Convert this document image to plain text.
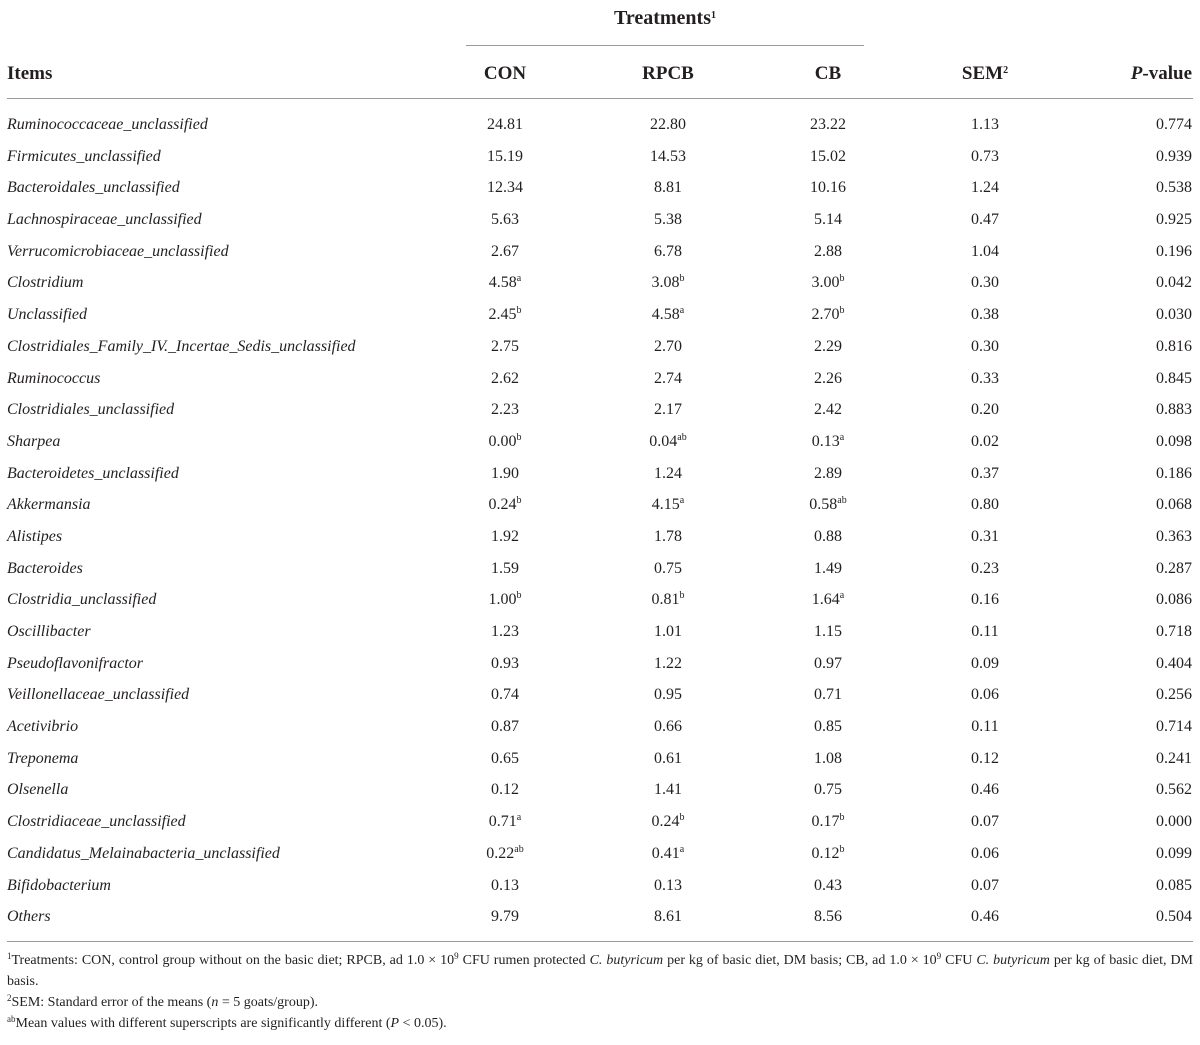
Treatments$^1$
Items	CON	RPCB	CB	SEM$^2$	P-value
Ruminococcaceae_unclassified	24.81	22.80	23.22	1.13	0.774
Firmicutes_unclassified	15.19	14.53	15.02	0.73	0.939
Bacteroidales_unclassified	12.34	8.81	10.16	1.24	0.538
Lachnospiraceae_unclassified	5.63	5.38	5.14	0.47	0.925
Verrucomicrobiaceae_unclassified	2.67	6.78	2.88	1.04	0.196
Clostridium	4.58$^a$	3.08$^b$	3.00$^b$	0.30	0.042
Unclassified	2.45$^b$	4.58$^a$	2.70$^b$	0.38	0.030
Clostridiales_Family_IV._Incertae_Sedis_unclassified	2.75	2.70	2.29	0.30	0.816
Ruminococcus	2.62	2.74	2.26	0.33	0.845
Clostridiales_unclassified	2.23	2.17	2.42	0.20	0.883
Sharpea	0.00$^b$	0.04$^{ab}$	0.13$^a$	0.02	0.098
Bacteroidetes_unclassified	1.90	1.24	2.89	0.37	0.186
Akkermansia	0.24$^b$	4.15$^a$	0.58$^{ab}$	0.80	0.068
Alistipes	1.92	1.78	0.88	0.31	0.363
Bacteroides	1.59	0.75	1.49	0.23	0.287
Clostridia_unclassified	1.00$^b$	0.81$^b$	1.64$^a$	0.16	0.086
Oscillibacter	1.23	1.01	1.15	0.11	0.718
Pseudoflavonifractor	0.93	1.22	0.97	0.09	0.404
Veillonellaceae_unclassified	0.74	0.95	0.71	0.06	0.256
Acetivibrio	0.87	0.66	0.85	0.11	0.714
Treponema	0.65	0.61	1.08	0.12	0.241
Olsenella	0.12	1.41	0.75	0.46	0.562
Clostridiaceae_unclassified	0.71$^a$	0.24$^b$	0.17$^b$	0.07	0.000
Candidatus_Melainabacteria_unclassified	0.22$^{ab}$	0.41$^a$	0.12$^b$	0.06	0.099
Bifidobacterium	0.13	0.13	0.43	0.07	0.085
Others	9.79	8.61	8.56	0.46	0.504
$^1$Treatments: CON, control group without on the basic diet; RPCB, ad $1.0 \times 10^9$ CFU rumen protected C. butyricum per kg of basic diet, DM basis; CB, ad $1.0 \times 10^9$ CFU C. butyricum per kg of basic diet, DM basis.
$^2$SEM: Standard error of the means (n = 5 goats/group).
$^{ab}$Mean values with different superscripts are significantly different (P < 0.05).
